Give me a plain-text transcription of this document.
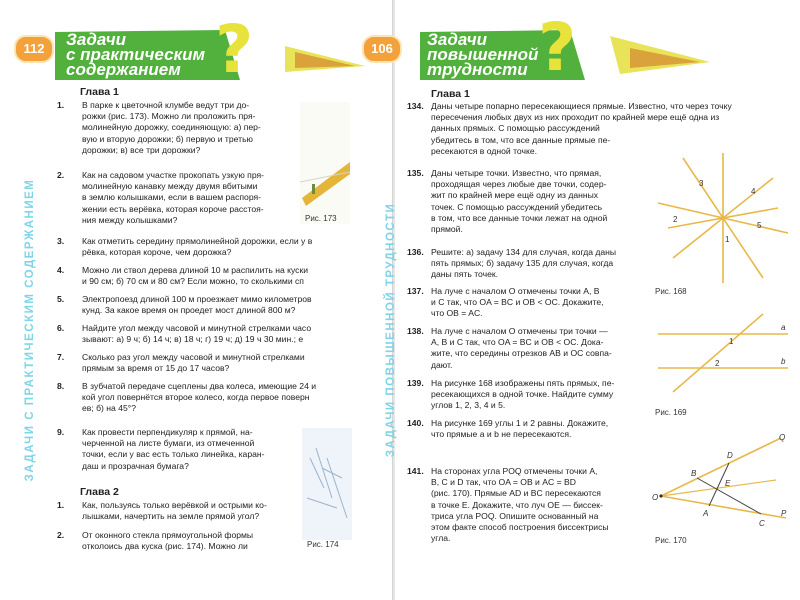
ЗАДАЧИ С ПРАКТИЧЕСКИМ СОДЕРЖАНИЕМ
112	?
Задачи
с практическим
содержанием
Глава 1
1. В парке к цветочной клумбе ведут три до-
рожки (рис. 173). Можно ли проложить пря-
молинейную дорожку, соединяющую: а) пер-
вую и вторую дорожки; б) первую и третью
дорожки; в) все три дорожки?
2. Как на садовом участке прокопать узкую пря-
молинейную канавку между двумя вбитыми
в землю колышками, если в вашем распоря-
жении есть верёвка, которая короче расстоя-
ния между колышками?	Рис. 173
3. Как отметить середину прямолинейной дорожки, если у в
рёвка, которая короче, чем дорожка?
4. Можно ли ствол дерева длиной 10 м распилить на куски
и 90 см; б) 70 см и 80 см? Если можно, то сколькими сп
5. Электропоезд длиной 100 м проезжает мимо километров
кунд. За какое время он проедет мост длиной 800 м?
6. Найдите угол между часовой и минутной стрелками часо
зывают: а) 9 ч; б) 14 ч; в) 18 ч; г) 19 ч; д) 19 ч 30 мин.; е
7. Сколько раз угол между часовой и минутной стрелками
прямым за время от 15 до 17 часов?
8. В зубчатой передаче сцеплены два колеса, имеющие 24 и
кой угол повернётся второе колесо, когда первое поверн
ев; б) на 45°?
9. Как провести перпендикуляр к прямой, на-
черченной на листе бумаги, из отмеченной
точки, если у вас есть только линейка, каран-
даш и прозрачная бумага?
Рис. 174
Глава 2
1. Как, пользуясь только верёвкой и острыми ко-
лышками, начертить на земле прямой угол?
2. От оконного стекла прямоугольной формы
отколоись два куска (рис. 174). Можно ли
ЗАДАЧИ ПОВЫШЕННОЙ ТРУДНОСТИ
106 ?
Задачи
повышенной
трудности
Глава 1
134. Даны четыре попарно пересекающиеся прямые. Известно, что через точку
пересечения любых двух из них проходит по крайней мере ещё одна из
данных прямых. С помощью рассуждений
убедитесь в том, что все данные прямые пе-
ресекаются в одной точке.
135. Даны четыре точки. Известно, что прямая,
проходящая через любые две точки, содер-
жит по крайней мере ещё одну из данных
точек. С помощью рассуждений убедитесь
в том, что все данные точки лежат на одной
прямой.
136. Решите: а) задачу 134 для случая, когда даны
пять прямых; б) задачу 135 для случая, когда
даны пять точек.
137. На луче с началом O отмечены точки A, B
и C так, что OA = BC и OB < OC. Докажите,
что OB = AC.
138. На луче с началом O отмечены три точки —
A, B и C так, что OA = BC и OB < OC. Дока-
жите, что середины отрезков AB и OC совпа-
дают.
139. На рисунке 168 изображены пять прямых, пе-
ресекающихся в одной точке. Найдите сумму
углов 1, 2, 3, 4 и 5.
140. На рисунке 169 углы 1 и 2 равны. Докажите,
что прямые a и b не пересекаются.
141. На сторонах угла POQ отмечены точки A,
B, C и D так, что OA = OB и AC = BD
(рис. 170). Прямые AD и BC пересекаются
в точке E. Докажите, что луч OE — биссек-
триса угла POQ. Опишите основанный на
этом факте способ построения биссектрисы
угла.
3
4
2
5
1
Рис. 168
a
b
1
2
Рис. 169
O
A
B
C
D
E
P
Q
Рис. 170
